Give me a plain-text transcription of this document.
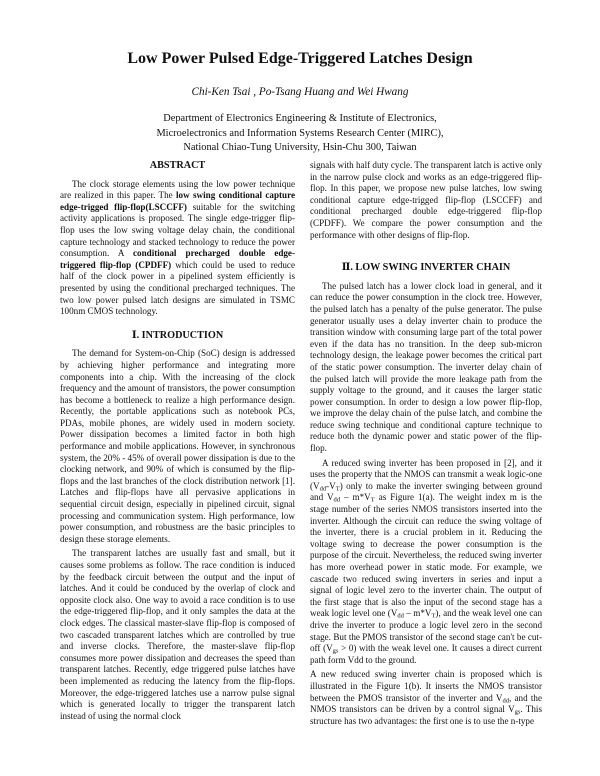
Low Power Pulsed Edge-Triggered Latches Design
Chi-Ken Tsai , Po-Tsang Huang and Wei Hwang
Department of Electronics Engineering & Institute of Electronics,
Microelectronics and Information Systems Research Center (MIRC),
National Chiao-Tung University, Hsin-Chu 300, Taiwan

ABSTRACT

The clock storage elements using the low power technique are realized in this paper. The low swing conditional capture edge-trigged flip-flop(LSCCFF) suitable for the switching activity applications is proposed. The single edge-trigger flip-flop uses the low swing voltage delay chain, the conditional capture technology and stacked technology to reduce the power consumption. A conditional precharged double edge-triggered flip-flop (CPDFF) which could be used to reduce half of the clock power in a pipelined system efficiently is presented by using the conditional precharged techniques. The two low power pulsed latch designs are simulated in TSMC 100nm CMOS technology.

Ⅰ. INTRODUCTION

The demand for System-on-Chip (SoC) design is addressed by achieving higher performance and integrating more components into a chip. With the increasing of the clock frequency and the amount of transistors, the power consumption has become a bottleneck to realize a high performance design. Recently, the portable applications such as notebook PCs, PDAs, mobile phones, are widely used in modern society. Power dissipation becomes a limited factor in both high performance and mobile applications. However, in synchronous system, the 20% - 45% of overall power dissipation is due to the clocking network, and 90% of which is consumed by the flip-flops and the last branches of the clock distribution network [1]. Latches and flip-flops have all pervasive applications in sequential circuit design, especially in pipelined circuit, signal processing and communication system. High performance, low power consumption, and robustness are the basic principles to design these storage elements.

The transparent latches are usually fast and small, but it causes some problems as follow. The race condition is induced by the feedback circuit between the output and the input of latches. And it could be conduced by the overlap of clock and opposite clock also. One way to avoid a race condition is to use the edge-triggered flip-flop, and it only samples the data at the clock edges. The classical master-slave flip-flop is composed of two cascaded transparent latches which are controlled by true and inverse clocks. Therefore, the master-slave flip-flop consumes more power dissipation and decreases the speed than transparent latches. Recently, edge triggered pulse latches have been implemented as reducing the latency from the flip-flops. Moreover, the edge-triggered latches use a narrow pulse signal which is generated locally to trigger the transparent latch instead of using the normal clock

signals with half duty cycle. The transparent latch is active only in the narrow pulse clock and works as an edge-triggered flip-flop. In this paper, we propose new pulse latches, low swing conditional capture edge-trigged flip-flop (LSCCFF) and conditional precharged double edge-triggered flip-flop (CPDFF). We compare the power consumption and the performance with other designs of flip-flop.

Ⅱ. LOW SWING INVERTER CHAIN

The pulsed latch has a lower clock load in general, and it can reduce the power consumption in the clock tree. However, the pulsed latch has a penalty of the pulse generator. The pulse generator usually uses a delay inverter chain to produce the transition window with consuming large part of the total power even if the data has no transition. In the deep sub-micron technology design, the leakage power becomes the critical part of the static power consumption. The inverter delay chain of the pulsed latch will provide the more leakage path from the supply voltage to the ground, and it causes the larger static power consumption. In order to design a low power flip-flop, we improve the delay chain of the pulse latch, and combine the reduce swing technique and conditional capture technique to reduce both the dynamic power and static power of the flip-flop.

A reduced swing inverter has been proposed in [2], and it uses the property that the NMOS can transmit a weak logic-one $(V_{dd}-V_T)$ only to make the inverter swinging between ground and $V_{dd} - m*V_T$ as Figure 1(a). The weight index m is the stage number of the series NMOS transistors inserted into the inverter. Although the circuit can reduce the swing voltage of the inverter, there is a crucial problem in it. Reducing the voltage swing to decrease the power consumption is the purpose of the circuit. Nevertheless, the reduced swing inverter has more overhead power in static mode. For example, we cascade two reduced swing inverters in series and input a signal of logic level zero to the inverter chain. The output of the first stage that is also the input of the second stage has a weak logic level one $(V_{dd} - m*V_T)$, and the weak level one can drive the inverter to produce a logic level zero in the second stage. But the PMOS transistor of the second stage can't be cut-off $(V_{gs} > 0)$ with the weak level one. It causes a direct current path form Vdd to the ground.

A new reduced swing inverter chain is proposed which is illustrated in the Figure 1(b). It inserts the NMOS transistor between the PMOS transistor of the inverter and $V_{dd}$, and the NMOS transistors can be driven by a control signal $V_{gs}$. This structure has two advantages: the first one is to use the n-type
